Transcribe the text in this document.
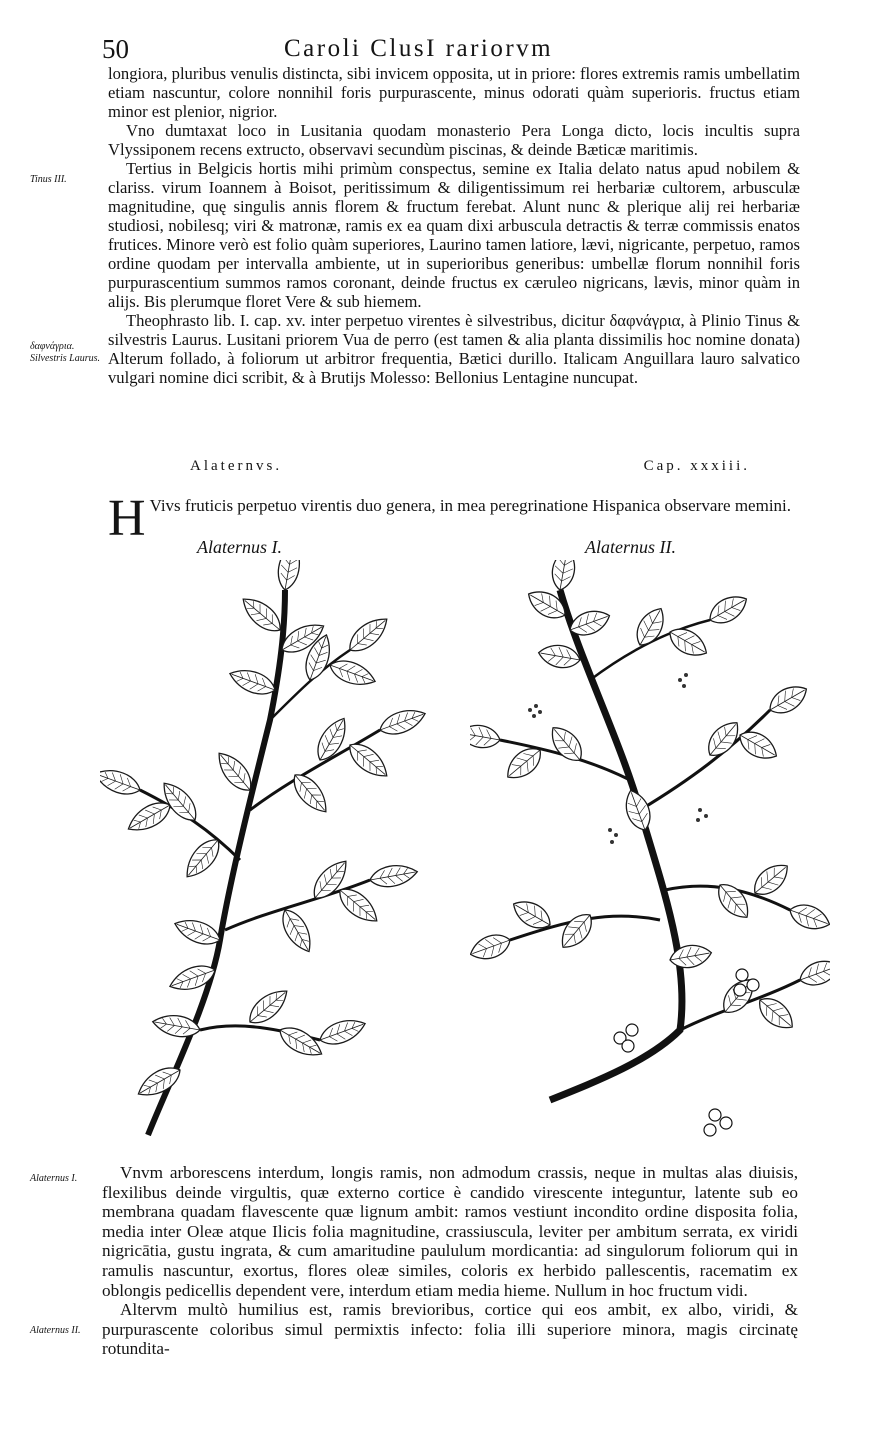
50	Caroli ClusI rariorvm

longiora, pluribus venulis distincta, sibi invicem opposita, ut in priore: flores extremis ramis umbellatim etiam nascuntur, colore nonnihil foris purpurascente, minus odorati quàm superioris. fructus etiam minor est plenior, nigrior.

Vno dumtaxat loco in Lusitania quodam monasterio Pera Longa dicto, locis incultis supra Vlyssiponem recens extructo, observavi secundùm piscinas, & deinde Bæticæ maritimis.

Tertius in Belgicis hortis mihi primùm conspectus, semine ex Italia delato natus apud nobilem & clariss. virum Ioannem à Boisot, peritissimum & diligentissimum rei herbariæ cultorem, arbusculæ magnitudine, quę singulis annis florem & fructum ferebat. Alunt nunc & plerique alij rei herbariæ studiosi, nobilesq; viri & matronæ, ramis ex ea quam dixi arbuscula detractis & terræ commissis enatos frutices. Minore verò est folio quàm superiores, Laurino tamen latiore, lævi, nigricante, perpetuo, ramos ordine quodam per intervalla ambiente, ut in superioribus generibus: umbellæ florum nonnihil foris purpurascentium summos ramos coronant, deinde fructus ex cæruleo nigricans, lævis, minor quàm in alijs. Bis plerumque floret Vere & sub hiemem.

Theophrasto lib. I. cap. xv. inter perpetuo virentes è silvestribus, dicitur δαφνάγρια, à Plinio Tinus & silvestris Laurus. Lusitani priorem Vua de perro (est tamen & alia planta dissimilis hoc nomine donata) Alterum follado, à foliorum ut arbitror frequentia, Bætici durillo. Italicam Anguillara lauro salvatico vulgari nomine dici scribit, & à Brutijs Molesso: Bellonius Lentagine nuncupat.

Tinus III.
δαφνάγρια. Silvestris Laurus.
Alaternvs.	Cap. xxxiii.
H Vivs fruticis perpetuo virentis duo genera, in mea peregrinatione Hispanica observare memini.
Alaternus I.	Alaternus II.
Alaternus I.
Alaternus II.

Vnvm arborescens interdum, longis ramis, non admodum crassis, neque in multas alas diuisis, flexilibus deinde virgultis, quæ externo cortice è candido virescente integuntur, latente sub eo membrana quadam flavescente quæ lignum ambit: ramos vestiunt incondito ordine disposita folia, media inter Oleæ atque Ilicis folia magnitudine, crassiuscula, leviter per ambitum serrata, ex viridi nigricātia, gustu ingrata, & cum amaritudine paululum mordicantia: ad singulorum foliorum qui in ramulis nascuntur, exortus, flores oleæ similes, coloris ex herbido pallescentis, racematim ex oblongis pedicellis dependent vere, interdum etiam media hieme. Nullum in hoc fructum vidi.

Altervm multò humilius est, ramis brevioribus, cortice qui eos ambit, ex albo, viridi, & purpurascente coloribus simul permixtis infecto: folia illi superiore minora, magis circinatę rotundita-
